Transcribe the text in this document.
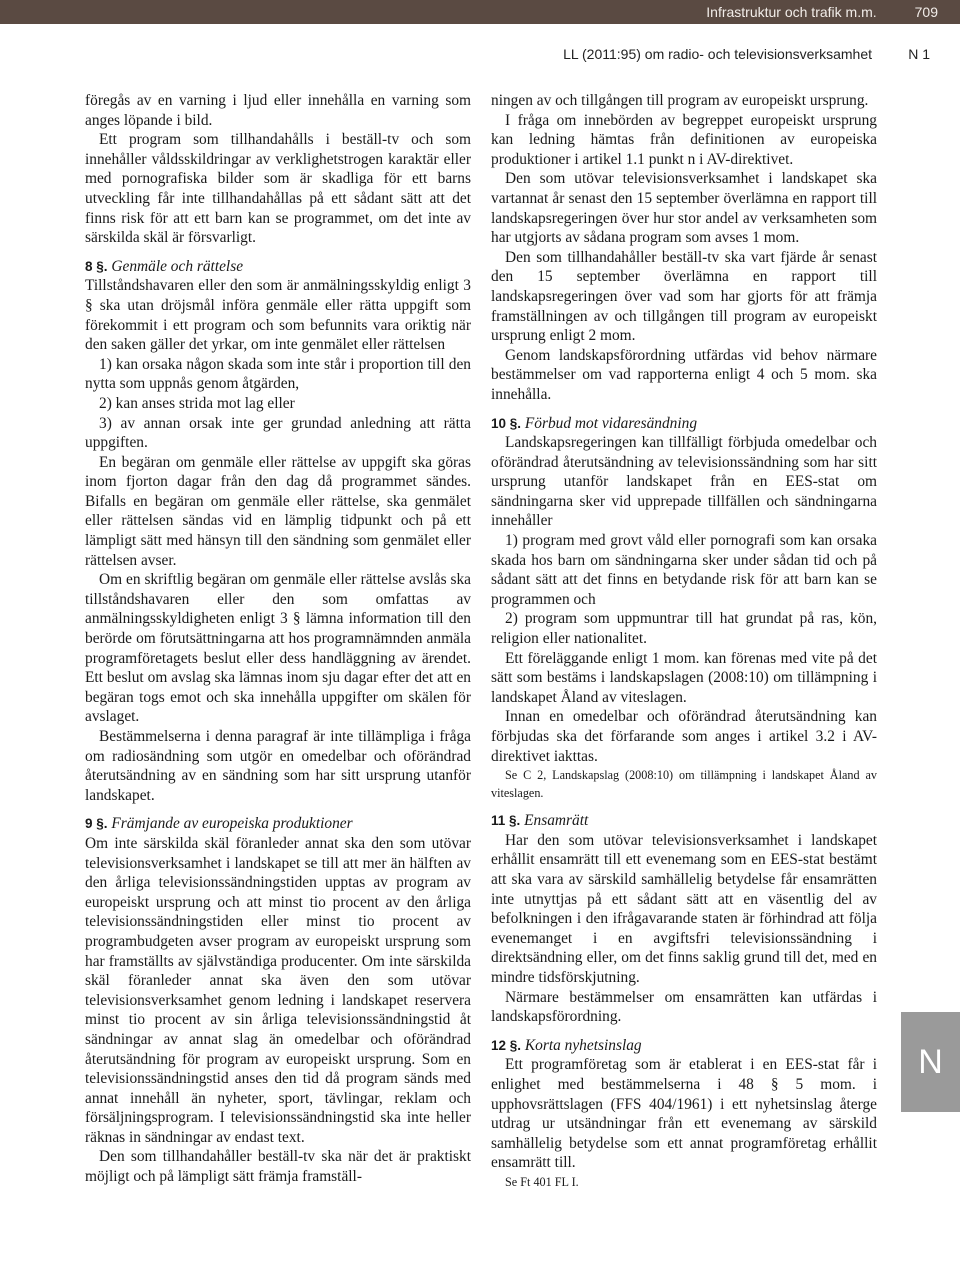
Infrastruktur och trafik m.m.	709
LL (2011:95) om radio- och televisionsverksamhet	N 1
N

föregås av en varning i ljud eller innehålla en varning som anges löpande i bild.

Ett program som tillhandahålls i beställ-tv och som innehåller våldsskildringar av verklighetstrogen karaktär eller med pornografiska bilder som är skadliga för ett barns utveckling får inte tillhandahållas på ett sådant sätt att det finns risk för att ett barn kan se programmet, om det inte av särskilda skäl är försvarligt.

8 §. Genmäle och rättelse

Tillståndshavaren eller den som är anmälningsskyldig enligt 3 § ska utan dröjsmål införa genmäle eller rätta uppgift som förekommit i ett program och som befunnits vara oriktig när den saken gäller det yrkar, om inte genmälet eller rättelsen

1) kan orsaka någon skada som inte står i proportion till den nytta som uppnås genom åtgärden,

2) kan anses strida mot lag eller

3) av annan orsak inte ger grundad anledning att rätta uppgiften.

En begäran om genmäle eller rättelse av uppgift ska göras inom fjorton dagar från den dag då programmet sändes. Bifalls en begäran om genmäle eller rättelse, ska genmälet eller rättelsen sändas vid en lämplig tidpunkt och på ett lämpligt sätt med hänsyn till den sändning som genmälet eller rättelsen avser.

Om en skriftlig begäran om genmäle eller rättelse avslås ska tillståndshavaren eller den som omfattas av anmälningsskyldigheten enligt 3 § lämna information till den berörde om förutsättningarna att hos programnämnden anmäla programföretagets beslut eller dess handläggning av ärendet. Ett beslut om avslag ska lämnas inom sju dagar efter det att en begäran togs emot och ska innehålla uppgifter om skälen för avslaget.

Bestämmelserna i denna paragraf är inte tillämpliga i fråga om radiosändning som utgör en omedelbar och oförändrad återutsändning av en sändning som har sitt ursprung utanför landskapet.

9 §. Främjande av europeiska produktioner

Om inte särskilda skäl föranleder annat ska den som utövar televisionsverksamhet i landskapet se till att mer än hälften av den årliga televisionssändningstiden upptas av program av europeiskt ursprung och att minst tio procent av den årliga televisionssändningstiden eller minst tio procent av programbudgeten avser program av europeiskt ursprung som har framställts av självständiga producenter. Om inte särskilda skäl föranleder annat ska även den som utövar televisionsverksamhet genom ledning i landskapet reservera minst tio procent av sin årliga televisionssändningstid åt sändningar av annat slag än omedelbar och oförändrad återutsändning för program av europeiskt ursprung. Som en televisionssändningstid anses den tid då program sänds med annat innehåll än nyheter, sport, tävlingar, reklam och försäljningsprogram. I televisionssändningstid ska inte heller räknas in sändningar av endast text.

Den som tillhandahåller beställ-tv ska när det är praktiskt möjligt och på lämpligt sätt främja framställ-

ningen av och tillgången till program av europeiskt ursprung.

I fråga om innebörden av begreppet europeiskt ursprung kan ledning hämtas från definitionen av europeiska produktioner i artikel 1.1 punkt n i AV-direktivet.

Den som utövar televisionsverksamhet i landskapet ska vartannat år senast den 15 september överlämna en rapport till landskapsregeringen över hur stor andel av verksamheten som har utgjorts av sådana program som avses 1 mom.

Den som tillhandahåller beställ-tv ska vart fjärde år senast den 15 september överlämna en rapport till landskapsregeringen över vad som har gjorts för att främja framställningen av och tillgången till program av europeiskt ursprung enligt 2 mom.

Genom landskapsförordning utfärdas vid behov närmare bestämmelser om vad rapporterna enligt 4 och 5 mom. ska innehålla.

10 §. Förbud mot vidaresändning

Landskapsregeringen kan tillfälligt förbjuda omedelbar och oförändrad återutsändning av televisionssändning som har sitt ursprung utanför landskapet från en EES-stat om sändningarna sker vid upprepade tillfällen och sändningarna innehåller

1) program med grovt våld eller pornografi som kan orsaka skada hos barn om sändningarna sker under sådan tid och på sådant sätt att det finns en betydande risk för att barn kan se programmen och

2) program som uppmuntrar till hat grundat på ras, kön, religion eller nationalitet.

Ett föreläggande enligt 1 mom. kan förenas med vite på det sätt som bestäms i landskapslagen (2008:10) om tillämpning i landskapet Åland av viteslagen.

Innan en omedelbar och oförändrad återutsändning kan förbjudas ska det förfarande som anges i artikel 3.2 i AV-direktivet iakttas.

Se C 2, Landskapslag (2008:10) om tillämpning i landskapet Åland av viteslagen.

11 §. Ensamrätt

Har den som utövar televisionsverksamhet i landskapet erhållit ensamrätt till ett evenemang som en EES-stat bestämt att ska vara av särskild samhällelig betydelse får ensamrätten inte utnyttjas på ett sådant sätt att en väsentlig del av befolkningen i den ifrågavarande staten är förhindrad att följa evenemanget i en avgiftsfri televisionssändning i direktsändning eller, om det finns saklig grund till det, med en mindre tidsförskjutning.

Närmare bestämmelser om ensamrätten kan utfärdas i landskapsförordning.

12 §. Korta nyhetsinslag

Ett programföretag som är etablerat i en EES-stat får i enlighet med bestämmelserna i 48 § 5 mom. i upphovsrättslagen (FFS 404/1961) i ett nyhetsinslag återge utdrag ur utsändningar från ett evenemang av särskild samhällelig betydelse som ett annat programföretag erhållit ensamrätt till.

Se Ft 401 FL I.
